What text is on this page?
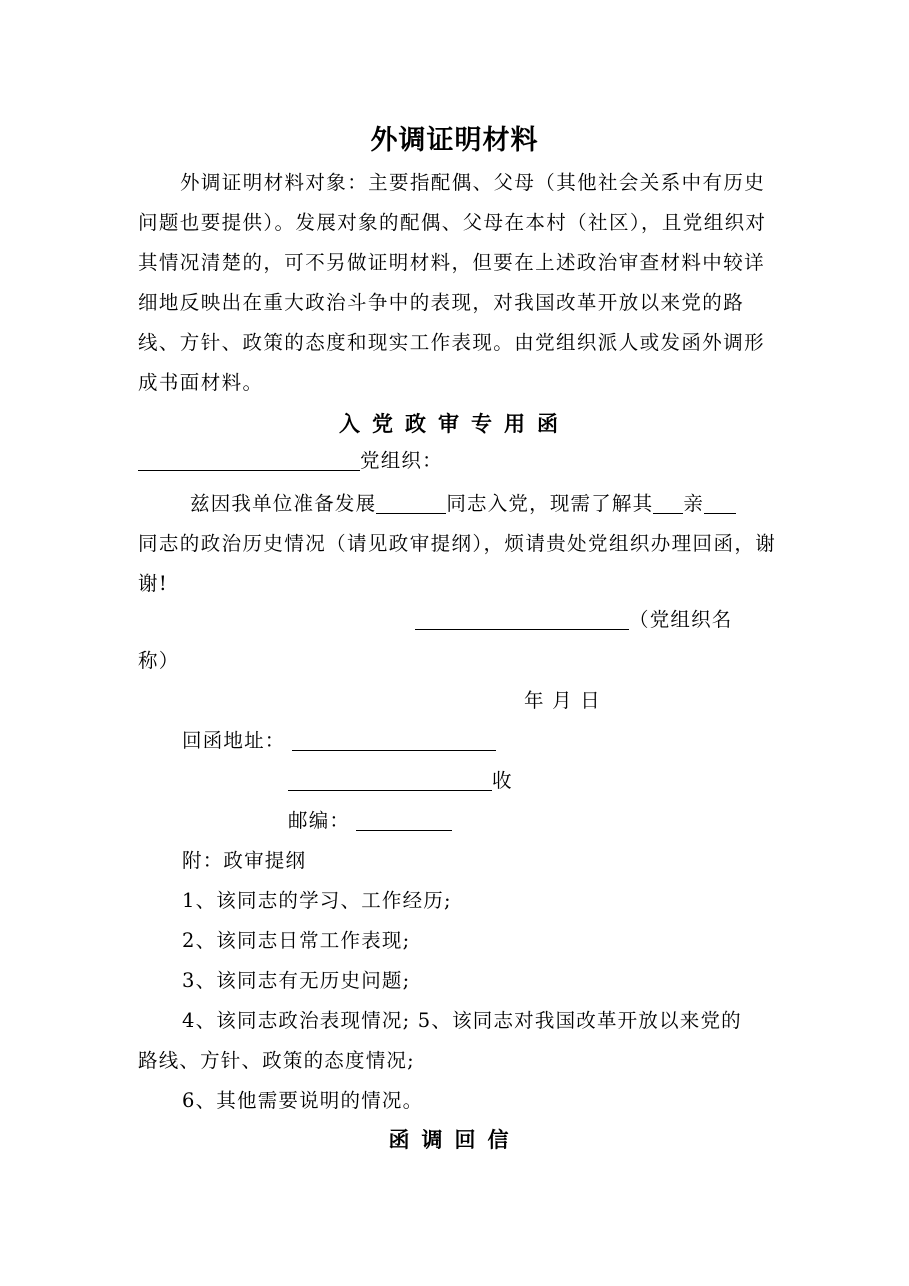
外调证明材料
外调证明材料对象：主要指配偶、父母（其他社会关系中有历史问题也要提供）。发展对象的配偶、父母在本村（社区），且党组织对其情况清楚的，可不另做证明材料，但要在上述政治审查材料中较详细地反映出在重大政治斗争中的表现，对我国改革开放以来党的路线、方针、政策的态度和现实工作表现。由党组织派人或发函外调形成书面材料。
入党政审专用函
党组织：
兹因我单位准备发展	同志入党，现需了解其 亲
同志的政治历史情况（请见政审提纲），烦请贵处党组织办理回函，谢谢!
（党组织名
称）
年 月 日
回函地址：
收
邮编：
附：政审提纲
1、该同志的学习、工作经历;
2、该同志日常工作表现;
3、该同志有无历史问题;
4、该同志政治表现情况; 5、该同志对我国改革开放以来党的
路线、方针、政策的态度情况;
6、其他需要说明的情况。
函调回信
